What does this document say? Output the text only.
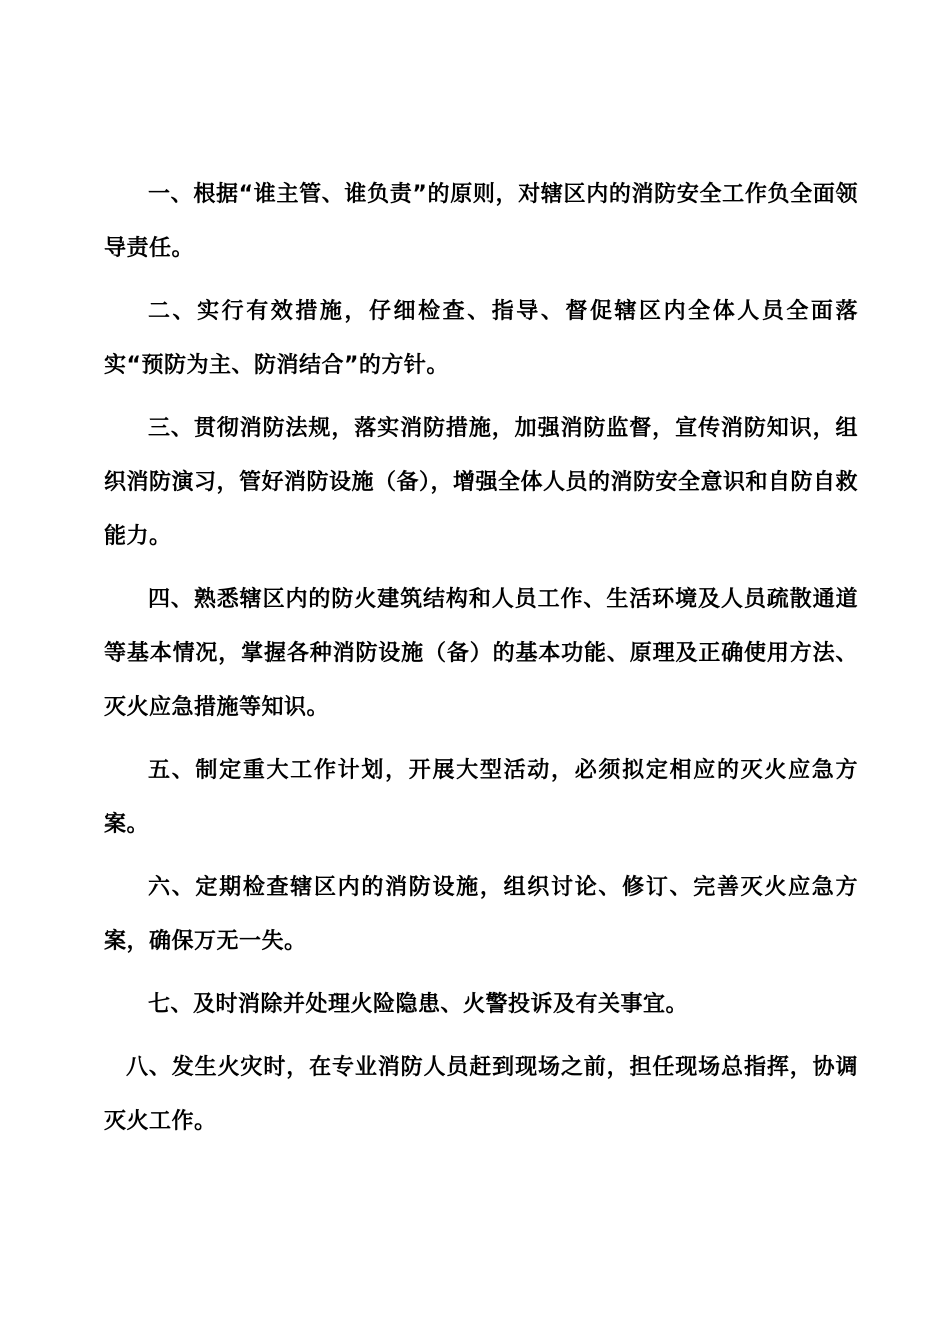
一、根据“谁主管、谁负责”的原则，对辖区内的消防安全工作负全面领导责任。

二、实行有效措施，仔细检查、指导、督促辖区内全体人员全面落实“预防为主、防消结合”的方针。

三、贯彻消防法规，落实消防措施，加强消防监督，宣传消防知识，组织消防演习，管好消防设施（备），增强全体人员的消防安全意识和自防自救能力。

四、熟悉辖区内的防火建筑结构和人员工作、生活环境及人员疏散通道等基本情况，掌握各种消防设施（备）的基本功能、原理及正确使用方法、灭火应急措施等知识。

五、制定重大工作计划，开展大型活动，必须拟定相应的灭火应急方案。

六、定期检查辖区内的消防设施，组织讨论、修订、完善灭火应急方案，确保万无一失。

七、及时消除并处理火险隐患、火警投诉及有关事宜。

八、发生火灾时，在专业消防人员赶到现场之前，担任现场总指挥，协调灭火工作。
